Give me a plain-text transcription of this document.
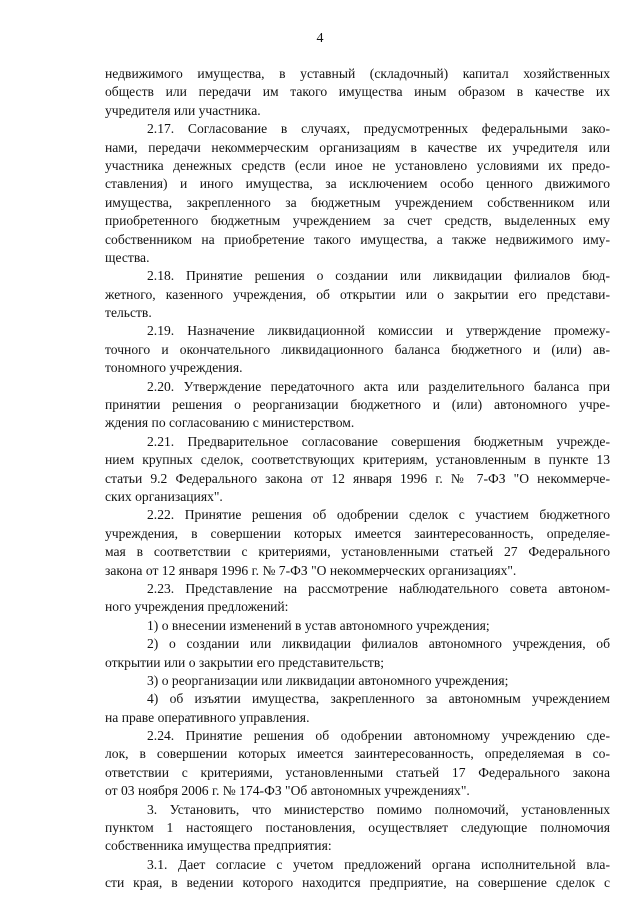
4
недвижимого имущества, в уставный (складочный) капитал хозяйственных
обществ или передачи им такого имущества иным образом в качестве их
учредителя или участника.
2.17. Согласование в случаях, предусмотренных федеральными зако-
нами, передачи некоммерческим организациям в качестве их учредителя или
участника денежных средств (если иное не установлено условиями их предо-
ставления) и иного имущества, за исключением особо ценного движимого
имущества, закрепленного за бюджетным учреждением собственником или
приобретенного бюджетным учреждением за счет средств, выделенных ему
собственником на приобретение такого имущества, а также недвижимого иму-
щества.
2.18. Принятие решения о создании или ликвидации филиалов бюд-
жетного, казенного учреждения, об открытии или о закрытии его представи-
тельств.
2.19. Назначение ликвидационной комиссии и утверждение промежу-
точного и окончательного ликвидационного баланса бюджетного и (или) ав-
тономного учреждения.
2.20. Утверждение передаточного акта или разделительного баланса при
принятии решения о реорганизации бюджетного и (или) автономного учре-
ждения по согласованию с министерством.
2.21. Предварительное согласование совершения бюджетным учрежде-
нием крупных сделок, соответствующих критериям, установленным в пункте 13
статьи 9.2 Федерального закона от 12 января 1996 г. № 7-ФЗ "О некоммерче-
ских организациях".
2.22. Принятие решения об одобрении сделок с участием бюджетного
учреждения, в совершении которых имеется заинтересованность, определяе-
мая в соответствии с критериями, установленными статьей 27 Федерального
закона от 12 января 1996 г. № 7-ФЗ "О некоммерческих организациях".
2.23. Представление на рассмотрение наблюдательного совета автоном-
ного учреждения предложений:
1) о внесении изменений в устав автономного учреждения;
2) о создании или ликвидации филиалов автономного учреждения, об
открытии или о закрытии его представительств;
3) о реорганизации или ликвидации автономного учреждения;
4) об изъятии имущества, закрепленного за автономным учреждением
на праве оперативного управления.
2.24. Принятие решения об одобрении автономному учреждению сде-
лок, в совершении которых имеется заинтересованность, определяемая в со-
ответствии с критериями, установленными статьей 17 Федерального закона
от 03 ноября 2006 г. № 174-ФЗ "Об автономных учреждениях".
3. Установить, что министерство помимо полномочий, установленных
пунктом 1 настоящего постановления, осуществляет следующие полномочия
собственника имущества предприятия:
3.1. Дает согласие с учетом предложений органа исполнительной вла-
сти края, в ведении которого находится предприятие, на совершение сделок с
